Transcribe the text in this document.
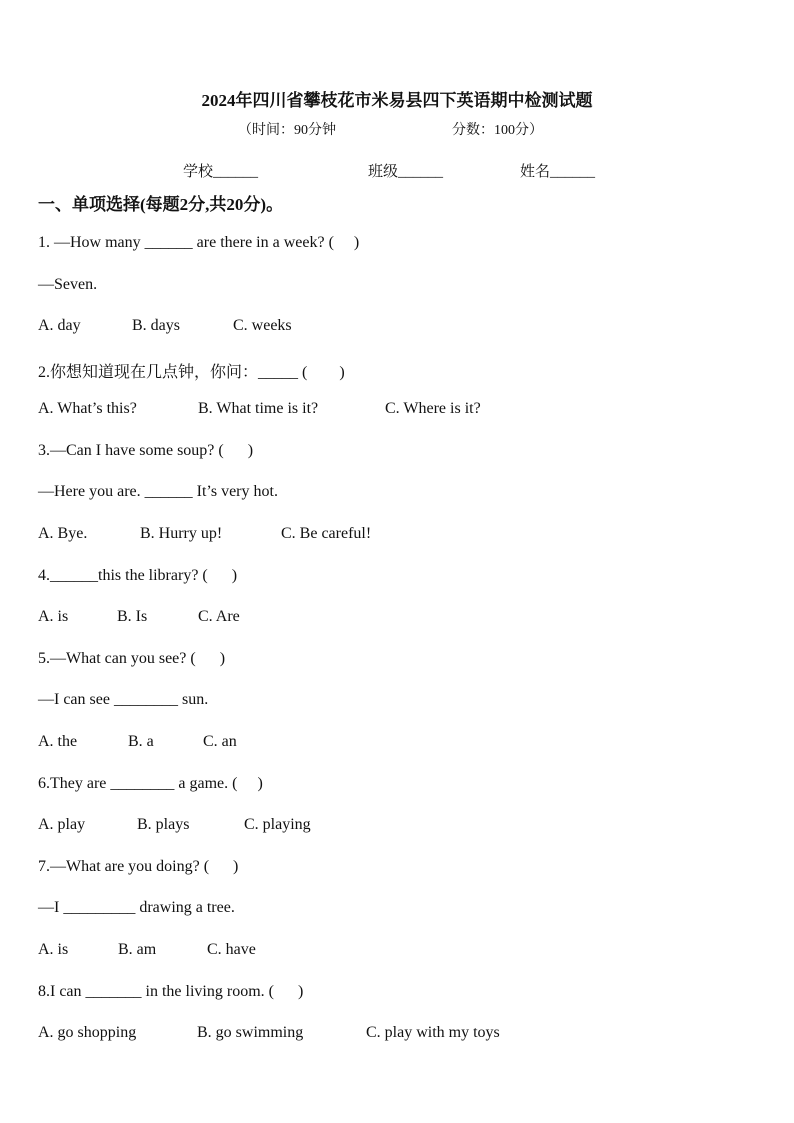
2024年四川省攀枝花市米易县四下英语期中检测试题
（时间：90分钟	分数：100分）
学校______	班级______	姓名______
一、单项选择(每题2分,共20分)。
1. —How many ______ are there in a week? (     )
—Seven.
A. day	B. days	C. weeks
2.你想知道现在几点钟，你问：_____ (        )
A. What’s this?	B. What time is it?	C. Where is it?
3.—Can I have some soup? (      )
—Here you are. ______ It’s very hot.
A. Bye.	B. Hurry up!	C. Be careful!
4.______this the library? (      )
A. is	B. Is	C. Are
5.—What can you see? (      )
—I can see ________ sun.
A. the	B. a	C. an
6.They are ________ a game. (     )
A. play	B. plays	C. playing
7.—What are you doing? (      )
—I _________ drawing a tree.
A. is	B. am	C. have
8.I can _______ in the living room. (      )
A. go shopping	B. go swimming	C. play with my toys
